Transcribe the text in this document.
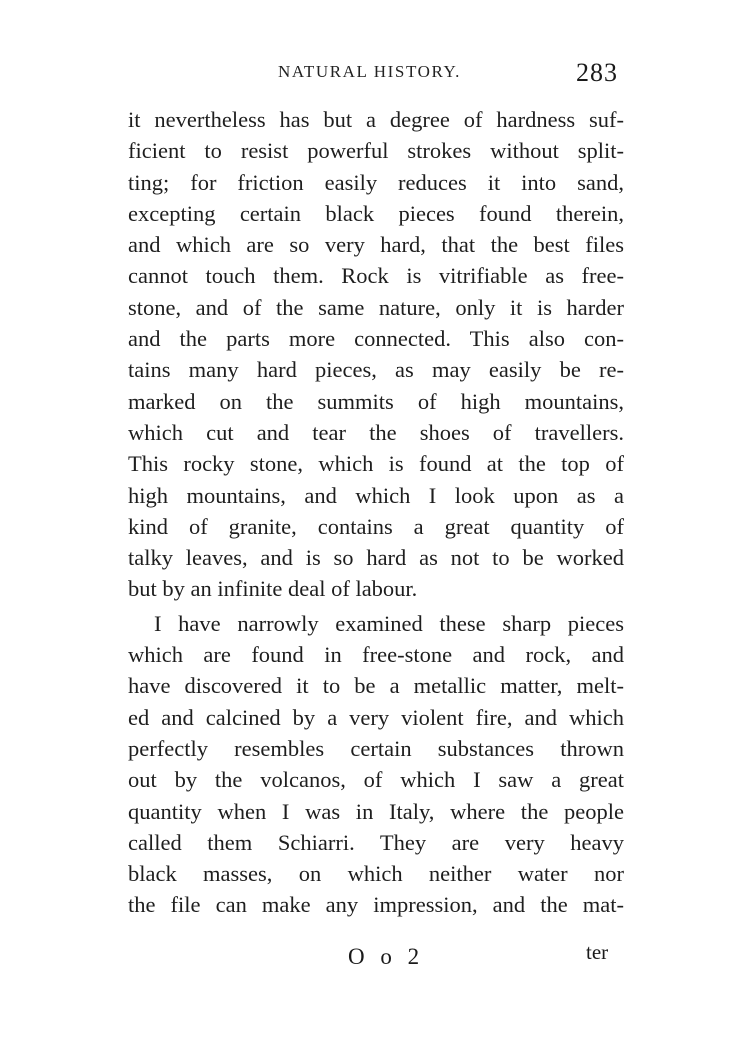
NATURAL HISTORY.	283
it nevertheless has but a degree of hardness suf-
ficient to resist powerful strokes without split-
ting; for friction easily reduces it into sand,
excepting certain black pieces found therein,
and which are so very hard, that the best files
cannot touch them. Rock is vitrifiable as free-
stone, and of the same nature, only it is harder
and the parts more connected. This also con-
tains many hard pieces, as may easily be re-
marked on the summits of high mountains,
which cut and tear the shoes of travellers.
This rocky stone, which is found at the top of
high mountains, and which I look upon as a
kind of granite, contains a great quantity of
talky leaves, and is so hard as not to be worked
but by an infinite deal of labour.
I have narrowly examined these sharp pieces
which are found in free-stone and rock, and
have discovered it to be a metallic matter, melt-
ed and calcined by a very violent fire, and which
perfectly resembles certain substances thrown
out by the volcanos, of which I saw a great
quantity when I was in Italy, where the people
called them Schiarri. They are very heavy
black masses, on which neither water nor
the file can make any impression, and the mat-
O o 2	ter
